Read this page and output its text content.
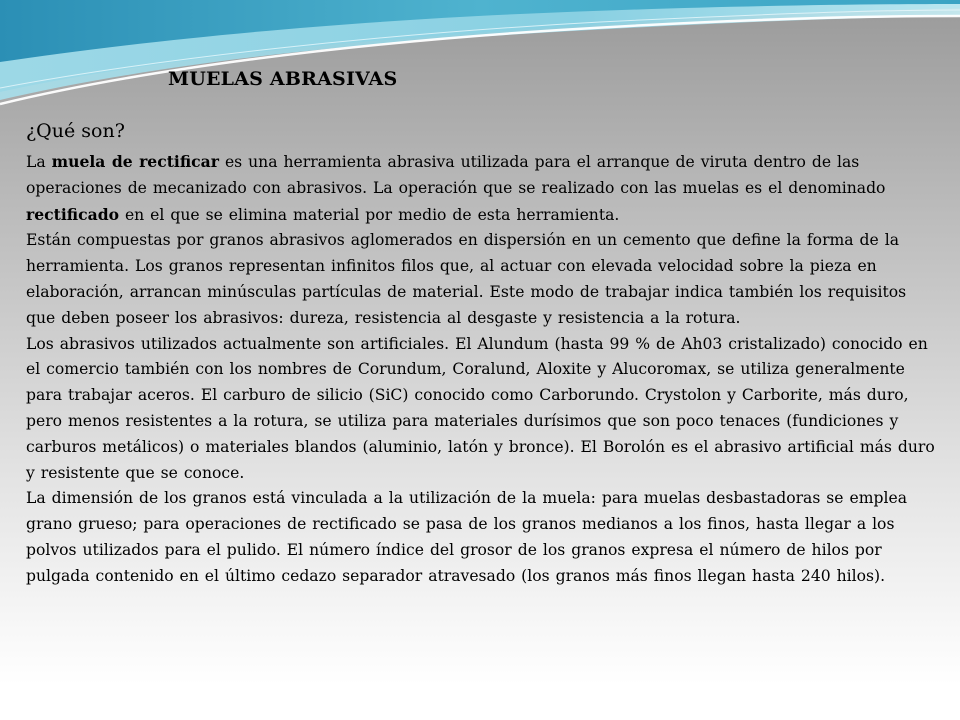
MUELAS ABRASIVAS
¿Qué son?

La muela de rectificar es una herramienta abrasiva utilizada para el arranque de viruta dentro de las operaciones de mecanizado con abrasivos. La operación que se realizado con las muelas es el denominado rectificado en el que se elimina material por medio de esta herramienta.

Están compuestas por granos abrasivos aglomerados en dispersión en un cemento que define la forma de la herramienta. Los granos representan infinitos filos que, al actuar con elevada velocidad sobre la pieza en elaboración, arrancan minúsculas partículas de material. Este modo de trabajar indica también los requisitos que deben poseer los abrasivos: dureza, resistencia al desgaste y resistencia a la rotura.

Los abrasivos utilizados actualmente son artificiales. El Alundum (hasta 99 % de Ah03 cristalizado) conocido en el comercio también con los nombres de Corundum, Coralund, Aloxite y Alucoromax, se utiliza generalmente para trabajar aceros. El carburo de silicio (SiC) conocido como Carborundo. Crystolon y Carborite, más duro, pero menos resistentes a la rotura, se utiliza para materiales durísimos que son poco tenaces (fundiciones y carburos metálicos) o materiales blandos (aluminio, latón y bronce). El Borolón es el abrasivo artificial más duro y resistente que se conoce.

La dimensión de los granos está vinculada a la utilización de la muela: para muelas desbastadoras se emplea grano grueso; para operaciones de rectificado se pasa de los granos medianos a los finos, hasta llegar a los polvos utilizados para el pulido. El número índice del grosor de los granos expresa el número de hilos por pulgada contenido en el último cedazo separador atravesado (los granos más finos llegan hasta 240 hilos).
